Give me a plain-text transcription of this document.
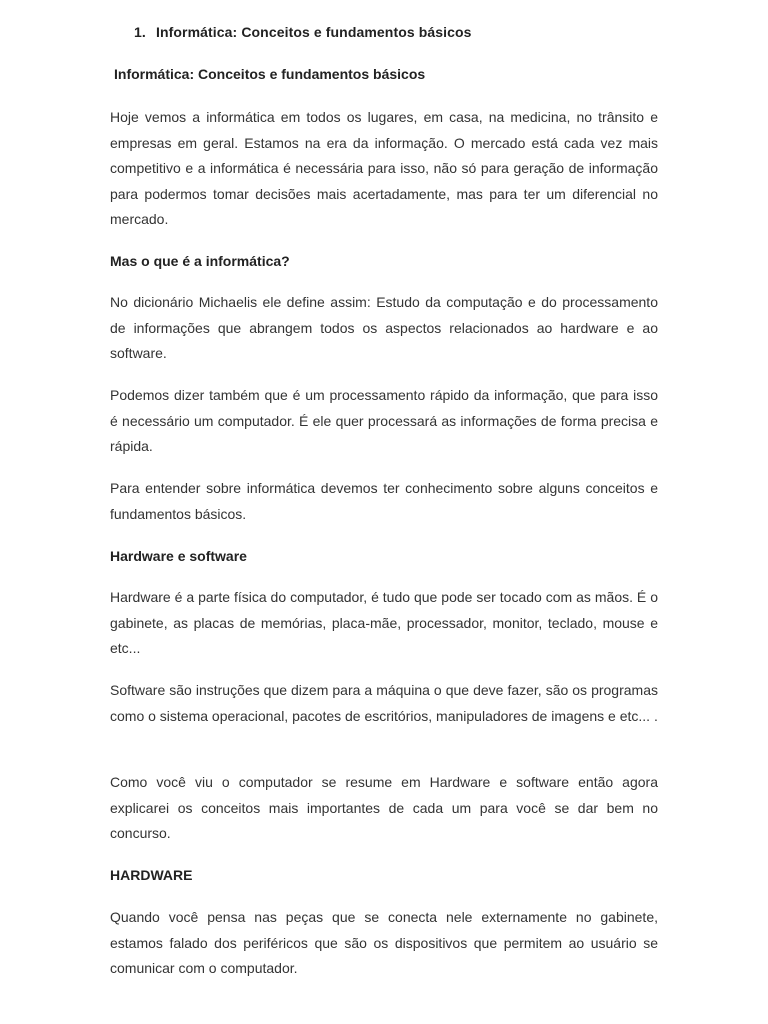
1. Informática: Conceitos e fundamentos básicos
Informática: Conceitos e fundamentos básicos
Hoje vemos a informática em todos os lugares, em casa, na medicina, no trânsito e empresas em geral. Estamos na era da informação. O mercado está cada vez mais competitivo e a informática é necessária para isso, não só para geração de informação para podermos tomar decisões mais acertadamente, mas para ter um diferencial no mercado.
Mas o que é a informática?
No dicionário Michaelis ele define assim: Estudo da computação e do processamento de informações que abrangem todos os aspectos relacionados ao hardware e ao software.
Podemos dizer também que é um processamento rápido da informação, que para isso é necessário um computador. É ele quer processará as informações de forma precisa e rápida.
Para entender sobre informática devemos ter conhecimento sobre alguns conceitos e fundamentos básicos.
Hardware e software
Hardware é a parte física do computador, é tudo que pode ser tocado com as mãos. É o gabinete, as placas de memórias, placa-mãe, processador, monitor, teclado, mouse e etc...
Software são instruções que dizem para a máquina o que deve fazer, são os programas como o sistema operacional, pacotes de escritórios, manipuladores de imagens e etc... .
Como você viu o computador se resume em Hardware e software então agora explicarei os conceitos mais importantes de cada um para você se dar bem no concurso.
HARDWARE
Quando você pensa nas peças que se conecta nele externamente no gabinete, estamos falado dos periféricos que são os dispositivos que permitem ao usuário se comunicar com o computador.
